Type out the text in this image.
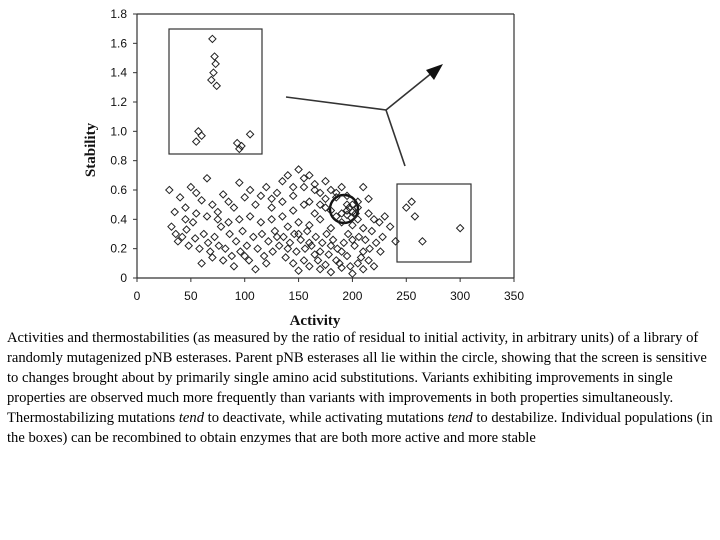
0	50	100	150	200	250	300	350
0
0.2
0.4
0.6
0.8
1.0
1.2
1.4
1.6
1.8
Stability
Activity

Activities and thermostabilities (as measured by the ratio of residual to initial activity, in arbitrary units) of a library of randomly mutagenized pNB esterases. Parent pNB esterases all lie within the circle, showing that the screen is sensitive to changes brought about by primarily single amino acid substitutions. Variants exhibiting improvements in single properties are observed much more frequently than variants with improvements in both properties simultaneously. Thermostabilizing mutations tend to deactivate, while activating mutations tend to destabilize. Individual populations (in the boxes) can be recombined to obtain enzymes that are both more active and more stable
